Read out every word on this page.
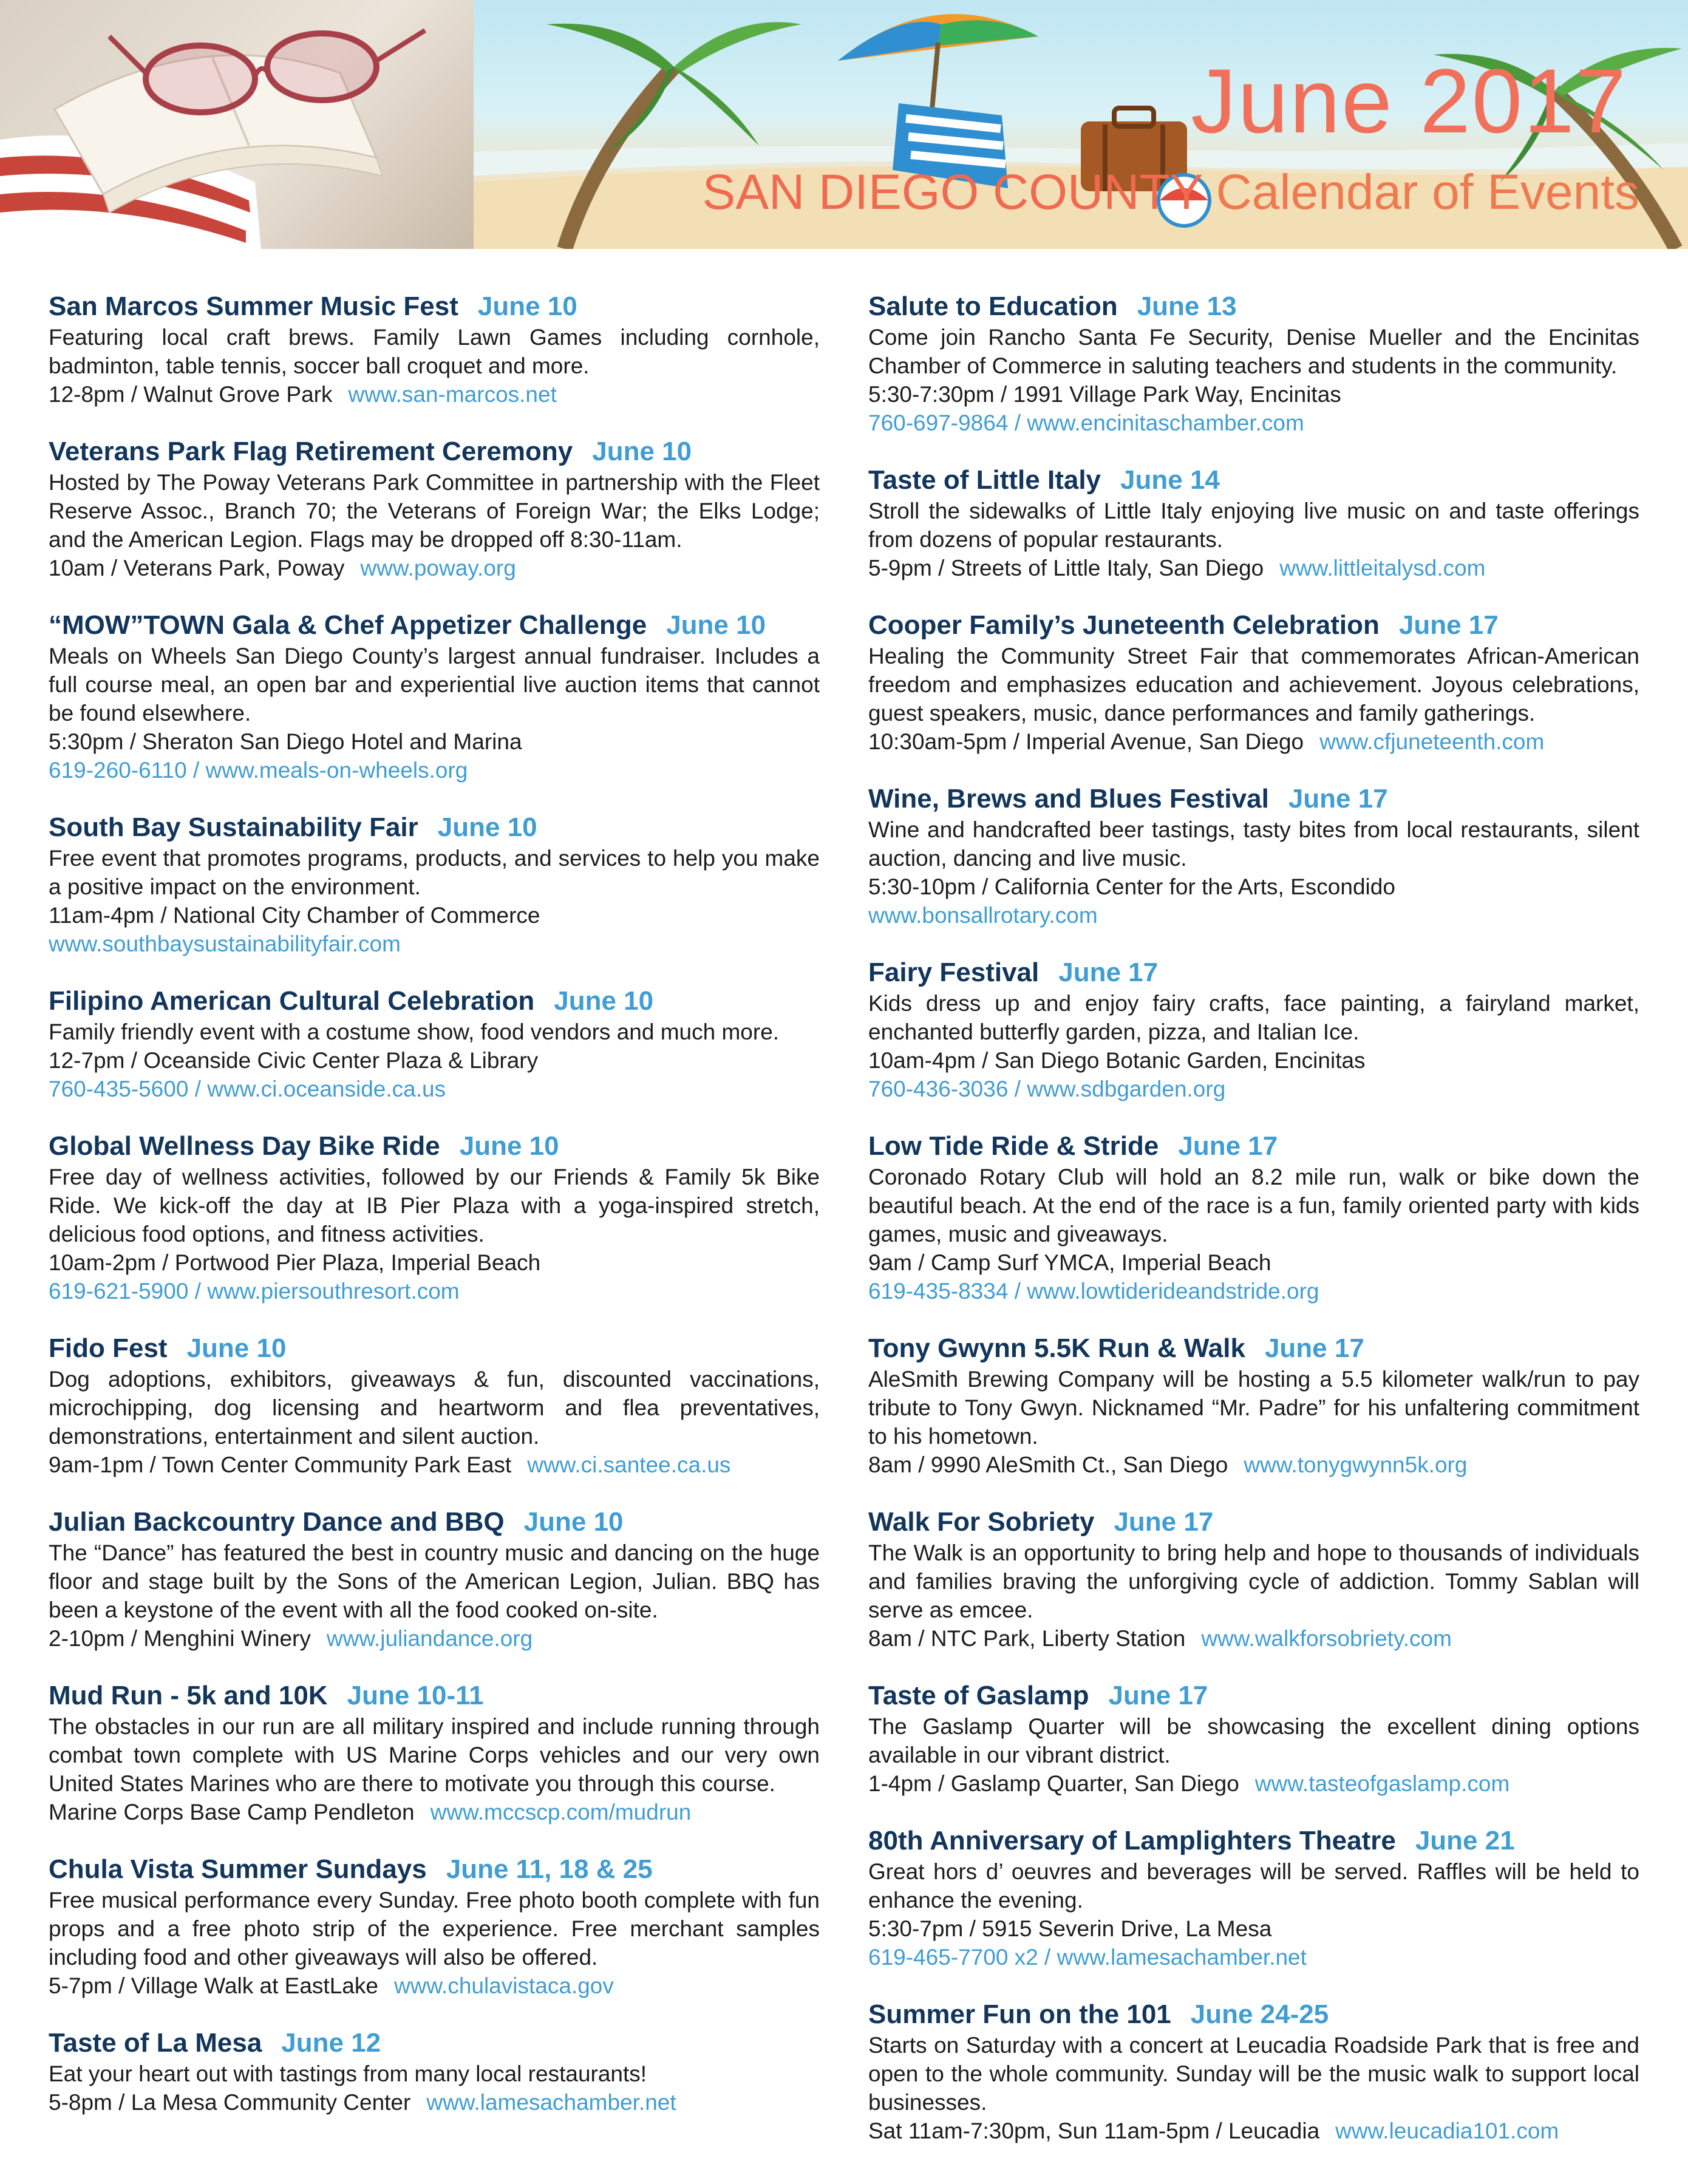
June 2017
SAN DIEGO COUNTY Calendar of Events
San Marcos Summer Music Fest June 10
Featuring local craft brews. Family Lawn Games including cornhole, badminton, table tennis, soccer ball croquet and more.
12-8pm / Walnut Grove Park www.san-marcos.net
Veterans Park Flag Retirement Ceremony June 10
Hosted by The Poway Veterans Park Committee in partnership with the Fleet Reserve Assoc., Branch 70; the Veterans of Foreign War; the Elks Lodge; and the American Legion. Flags may be dropped off 8:30-11am.
10am / Veterans Park, Poway www.poway.org
“MOW”TOWN Gala & Chef Appetizer Challenge June 10
Meals on Wheels San Diego County’s largest annual fundraiser. Includes a full course meal, an open bar and experiential live auction items that cannot be found elsewhere.
5:30pm / Sheraton San Diego Hotel and Marina
619-260-6110 / www.meals-on-wheels.org
South Bay Sustainability Fair June 10
Free event that promotes programs, products, and services to help you make a positive impact on the environment.
11am-4pm / National City Chamber of Commerce
www.southbaysustainabilityfair.com
Filipino American Cultural Celebration June 10
Family friendly event with a costume show, food vendors and much more.
12-7pm / Oceanside Civic Center Plaza & Library
760-435-5600 / www.ci.oceanside.ca.us
Global Wellness Day Bike Ride June 10
Free day of wellness activities, followed by our Friends & Family 5k Bike Ride. We kick-off the day at IB Pier Plaza with a yoga-inspired stretch, delicious food options, and fitness activities.
10am-2pm / Portwood Pier Plaza, Imperial Beach
619-621-5900 / www.piersouthresort.com
Fido Fest June 10
Dog adoptions, exhibitors, giveaways & fun, discounted vaccinations, microchipping, dog licensing and heartworm and flea preventatives, demonstrations, entertainment and silent auction.
9am-1pm / Town Center Community Park East www.ci.santee.ca.us
Julian Backcountry Dance and BBQ June 10
The “Dance” has featured the best in country music and dancing on the huge floor and stage built by the Sons of the American Legion, Julian. BBQ has been a keystone of the event with all the food cooked on-site.
2-10pm / Menghini Winery www.juliandance.org
Mud Run - 5k and 10K June 10-11
The obstacles in our run are all military inspired and include running through combat town complete with US Marine Corps vehicles and our very own United States Marines who are there to motivate you through this course.
Marine Corps Base Camp Pendleton www.mccscp.com/mudrun
Chula Vista Summer Sundays June 11, 18 & 25
Free musical performance every Sunday. Free photo booth complete with fun props and a free photo strip of the experience. Free merchant samples including food and other giveaways will also be offered.
5-7pm / Village Walk at EastLake www.chulavistaca.gov
Taste of La Mesa June 12
Eat your heart out with tastings from many local restaurants!
5-8pm / La Mesa Community Center www.lamesachamber.net
Salute to Education June 13
Come join Rancho Santa Fe Security, Denise Mueller and the Encinitas Chamber of Commerce in saluting teachers and students in the community.
5:30-7:30pm / 1991 Village Park Way, Encinitas
760-697-9864 / www.encinitaschamber.com
Taste of Little Italy June 14
Stroll the sidewalks of Little Italy enjoying live music on and taste offerings from dozens of popular restaurants.
5-9pm / Streets of Little Italy, San Diego www.littleitalysd.com
Cooper Family’s Juneteenth Celebration June 17
Healing the Community Street Fair that commemorates African-American freedom and emphasizes education and achievement. Joyous celebrations, guest speakers, music, dance performances and family gatherings.
10:30am-5pm / Imperial Avenue, San Diego www.cfjuneteenth.com
Wine, Brews and Blues Festival June 17
Wine and handcrafted beer tastings, tasty bites from local restaurants, silent auction, dancing and live music.
5:30-10pm / California Center for the Arts, Escondido
www.bonsallrotary.com
Fairy Festival June 17
Kids dress up and enjoy fairy crafts, face painting, a fairyland market, enchanted butterfly garden, pizza, and Italian Ice.
10am-4pm / San Diego Botanic Garden, Encinitas
760-436-3036 / www.sdbgarden.org
Low Tide Ride & Stride June 17
Coronado Rotary Club will hold an 8.2 mile run, walk or bike down the beautiful beach. At the end of the race is a fun, family oriented party with kids games, music and giveaways.
9am / Camp Surf YMCA, Imperial Beach
619-435-8334 / www.lowtiderideandstride.org
Tony Gwynn 5.5K Run & Walk June 17
AleSmith Brewing Company will be hosting a 5.5 kilometer walk/run to pay tribute to Tony Gwyn. Nicknamed “Mr. Padre” for his unfaltering commitment to his hometown.
8am / 9990 AleSmith Ct., San Diego www.tonygwynn5k.org
Walk For Sobriety June 17
The Walk is an opportunity to bring help and hope to thousands of individuals and families braving the unforgiving cycle of addiction. Tommy Sablan will serve as emcee.
8am / NTC Park, Liberty Station www.walkforsobriety.com
Taste of Gaslamp June 17
The Gaslamp Quarter will be showcasing the excellent dining options available in our vibrant district.
1-4pm / Gaslamp Quarter, San Diego www.tasteofgaslamp.com
80th Anniversary of Lamplighters Theatre June 21
Great hors d’ oeuvres and beverages will be served. Raffles will be held to enhance the evening.
5:30-7pm / 5915 Severin Drive, La Mesa
619-465-7700 x2 / www.lamesachamber.net
Summer Fun on the 101 June 24-25
Starts on Saturday with a concert at Leucadia Roadside Park that is free and open to the whole community. Sunday will be the music walk to support local businesses.
Sat 11am-7:30pm, Sun 11am-5pm / Leucadia www.leucadia101.com
